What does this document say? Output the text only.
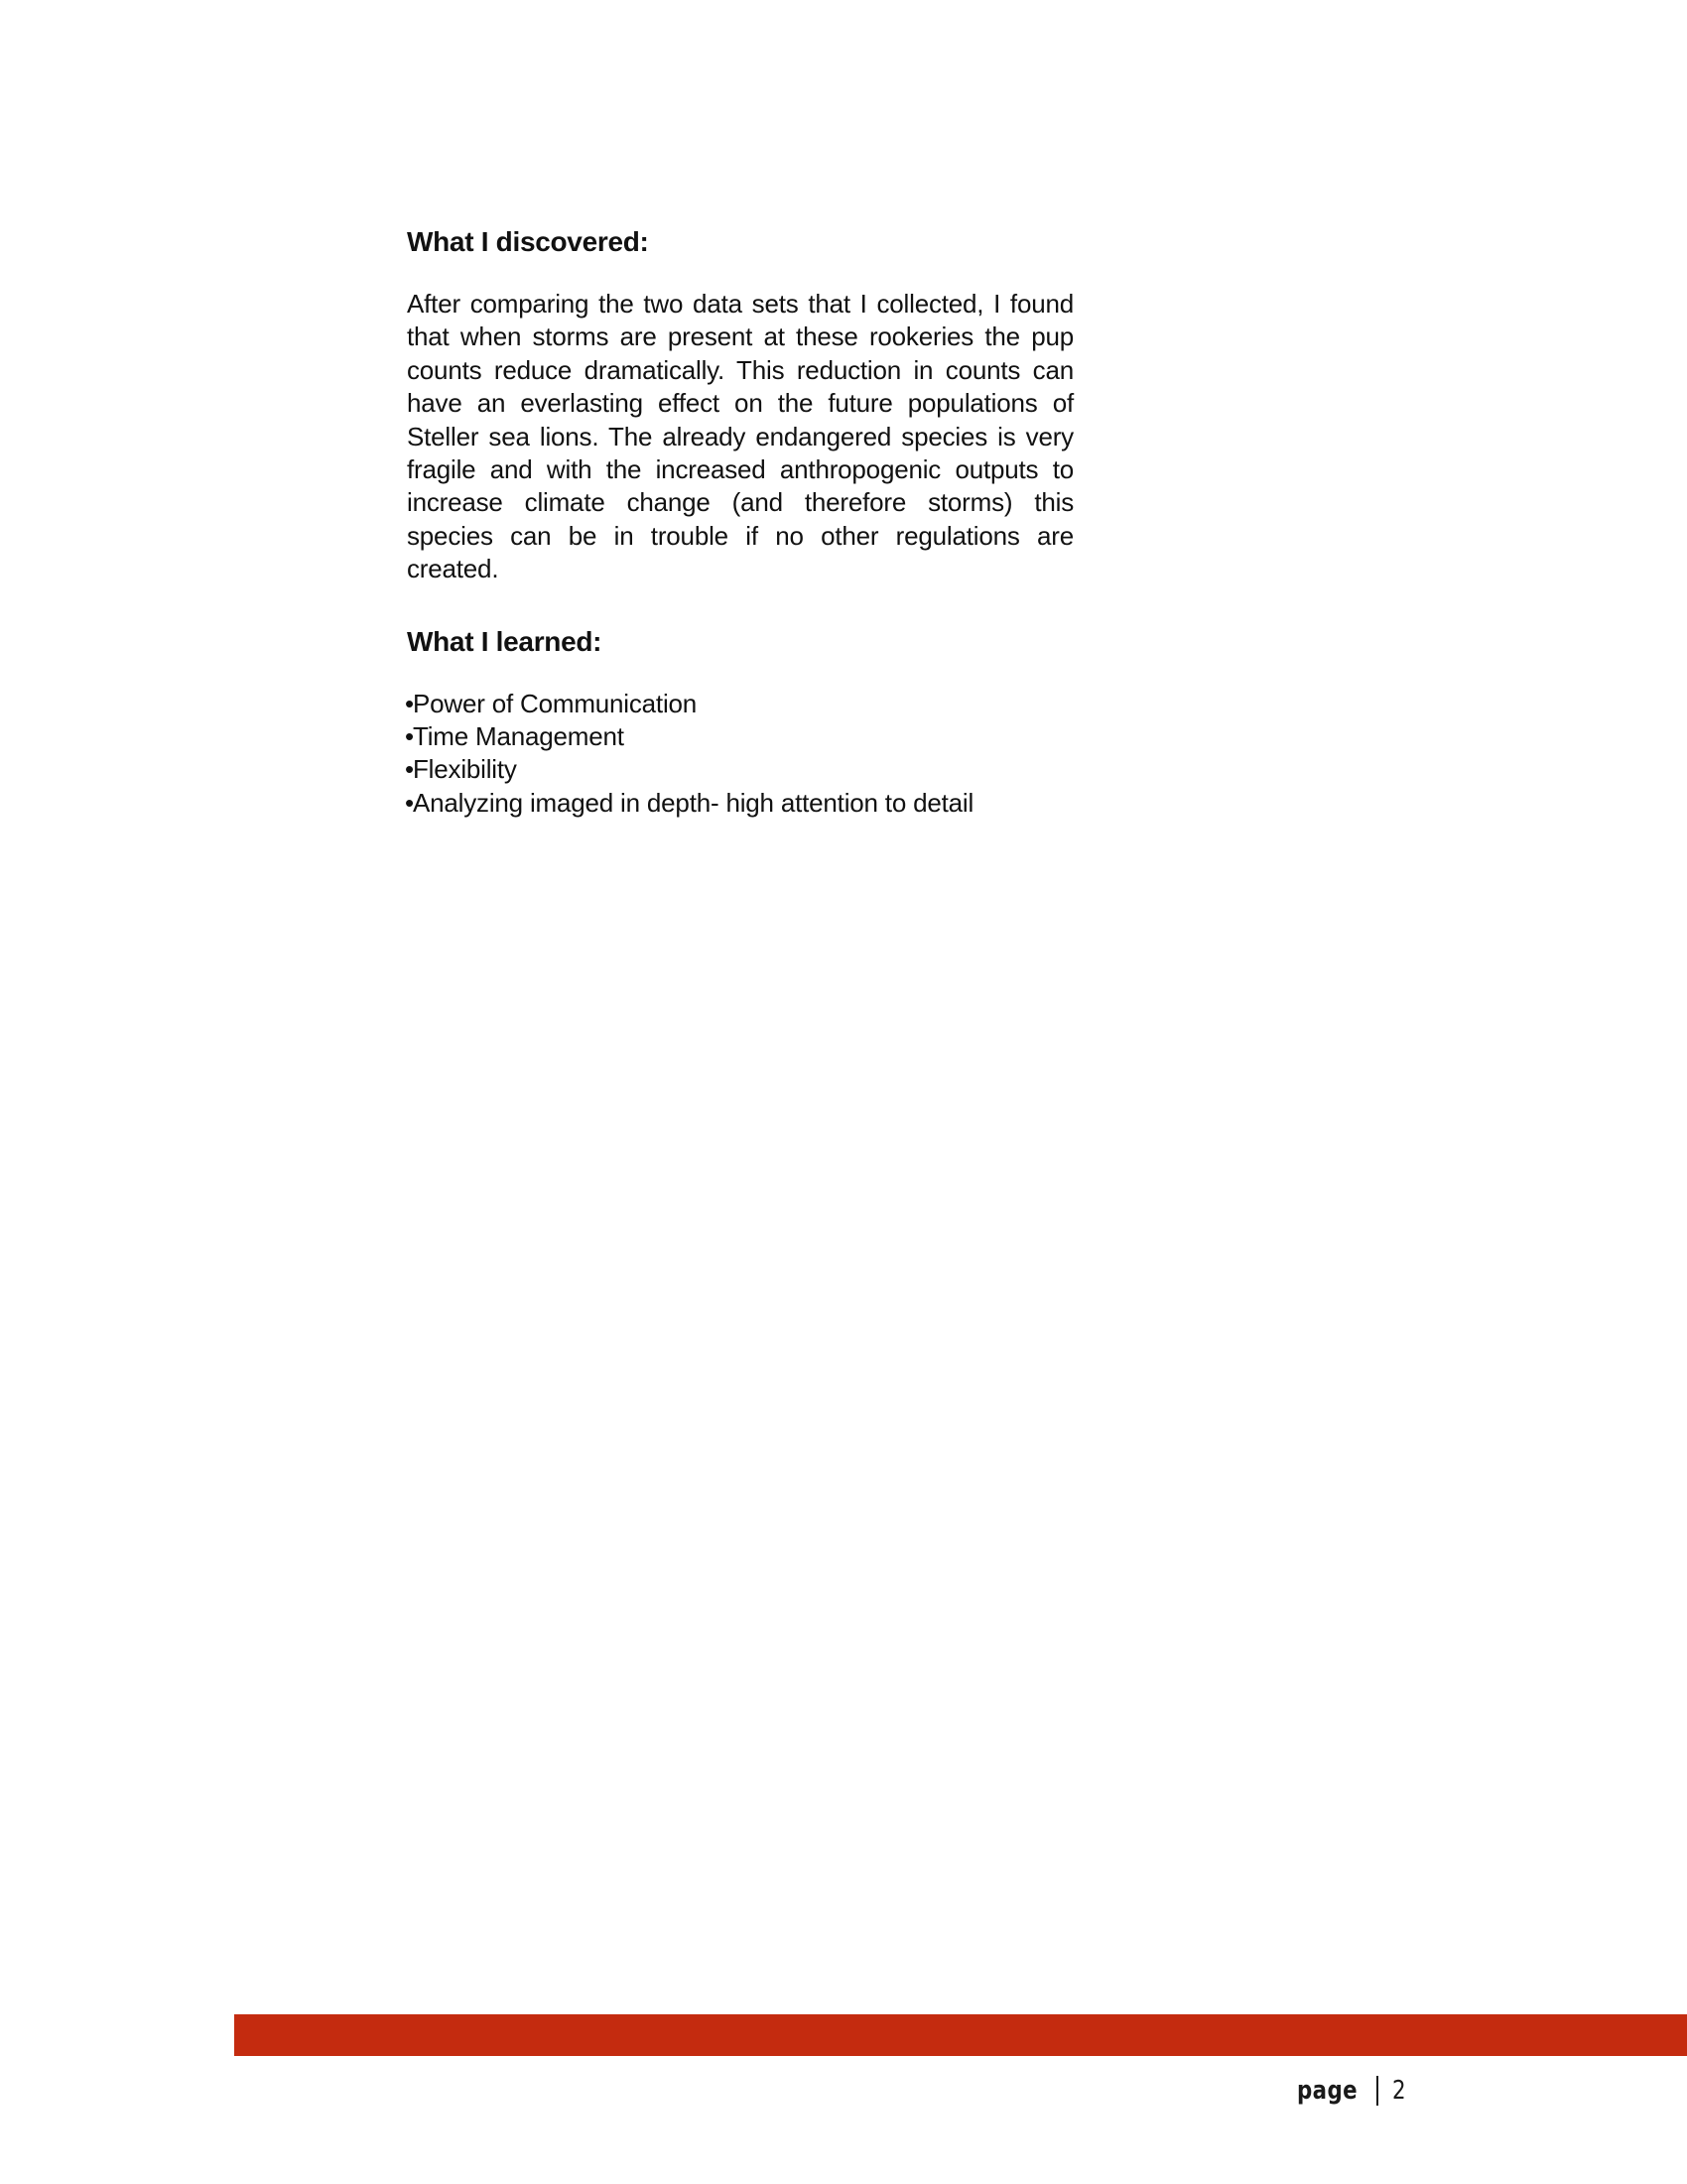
What I discovered:

After comparing the two data sets that I collected, I found that when storms are present at these rookeries the pup counts reduce dramatically. This reduction in counts can have an everlasting effect on the future populations of Steller sea lions. The already endangered species is very fragile and with the increased anthropogenic outputs to increase climate change (and therefore storms) this species can be in trouble if no other regulations are created.

What I learned:
• Power of Communication
• Time Management
• Flexibility
• Analyzing imaged in depth- high attention to detail
page 2
